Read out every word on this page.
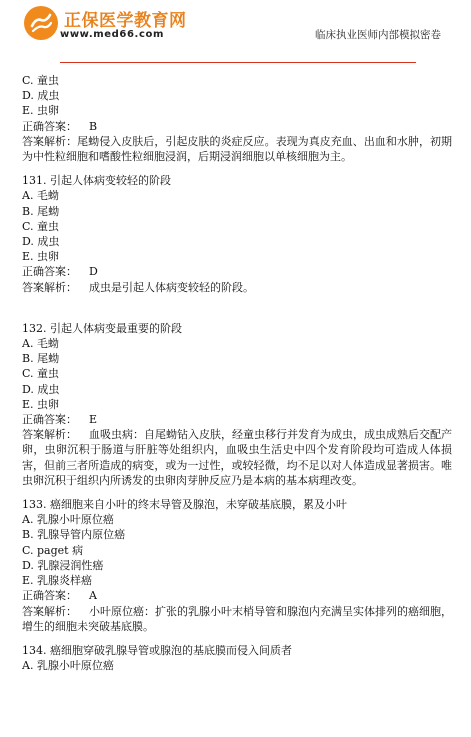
正保医学教育网
www.med66.com	临床执业医师内部模拟密卷
C. 童虫
D. 成虫
E. 虫卵
正确答案： B
答案解析：尾蚴侵入皮肤后，引起皮肤的炎症反应。表现为真皮充血、出血和水肿，初期为中性粒细胞和嗜酸性粒细胞浸润，后期浸润细胞以单核细胞为主。
131. 引起人体病变较轻的阶段
A. 毛蚴
B. 尾蚴
C. 童虫
D. 成虫
E. 虫卵
正确答案： D
答案解析： 成虫是引起人体病变较轻的阶段。
132. 引起人体病变最重要的阶段
A. 毛蚴
B. 尾蚴
C. 童虫
D. 成虫
E. 虫卵
正确答案： E
答案解析： 血吸虫病：自尾蚴钻入皮肤，经童虫移行并发育为成虫，成虫成熟后交配产卵，虫卵沉积于肠道与肝脏等处组织内，血吸虫生活史中四个发育阶段均可造成人体损害，但前三者所造成的病变，或为一过性，或较轻微，均不足以对人体造成显著损害。唯虫卵沉积于组织内所诱发的虫卵肉芽肿反应乃是本病的基本病理改变。
133. 癌细胞来自小叶的终末导管及腺泡，未穿破基底膜，累及小叶
A. 乳腺小叶原位癌
B. 乳腺导管内原位癌
C. paget 病
D. 乳腺浸润性癌
E. 乳腺炎样癌
正确答案： A
答案解析： 小叶原位癌：扩张的乳腺小叶末梢导管和腺泡内充满呈实体排列的癌细胞，增生的细胞未突破基底膜。
134. 癌细胞穿破乳腺导管或腺泡的基底膜而侵入间质者
A. 乳腺小叶原位癌
